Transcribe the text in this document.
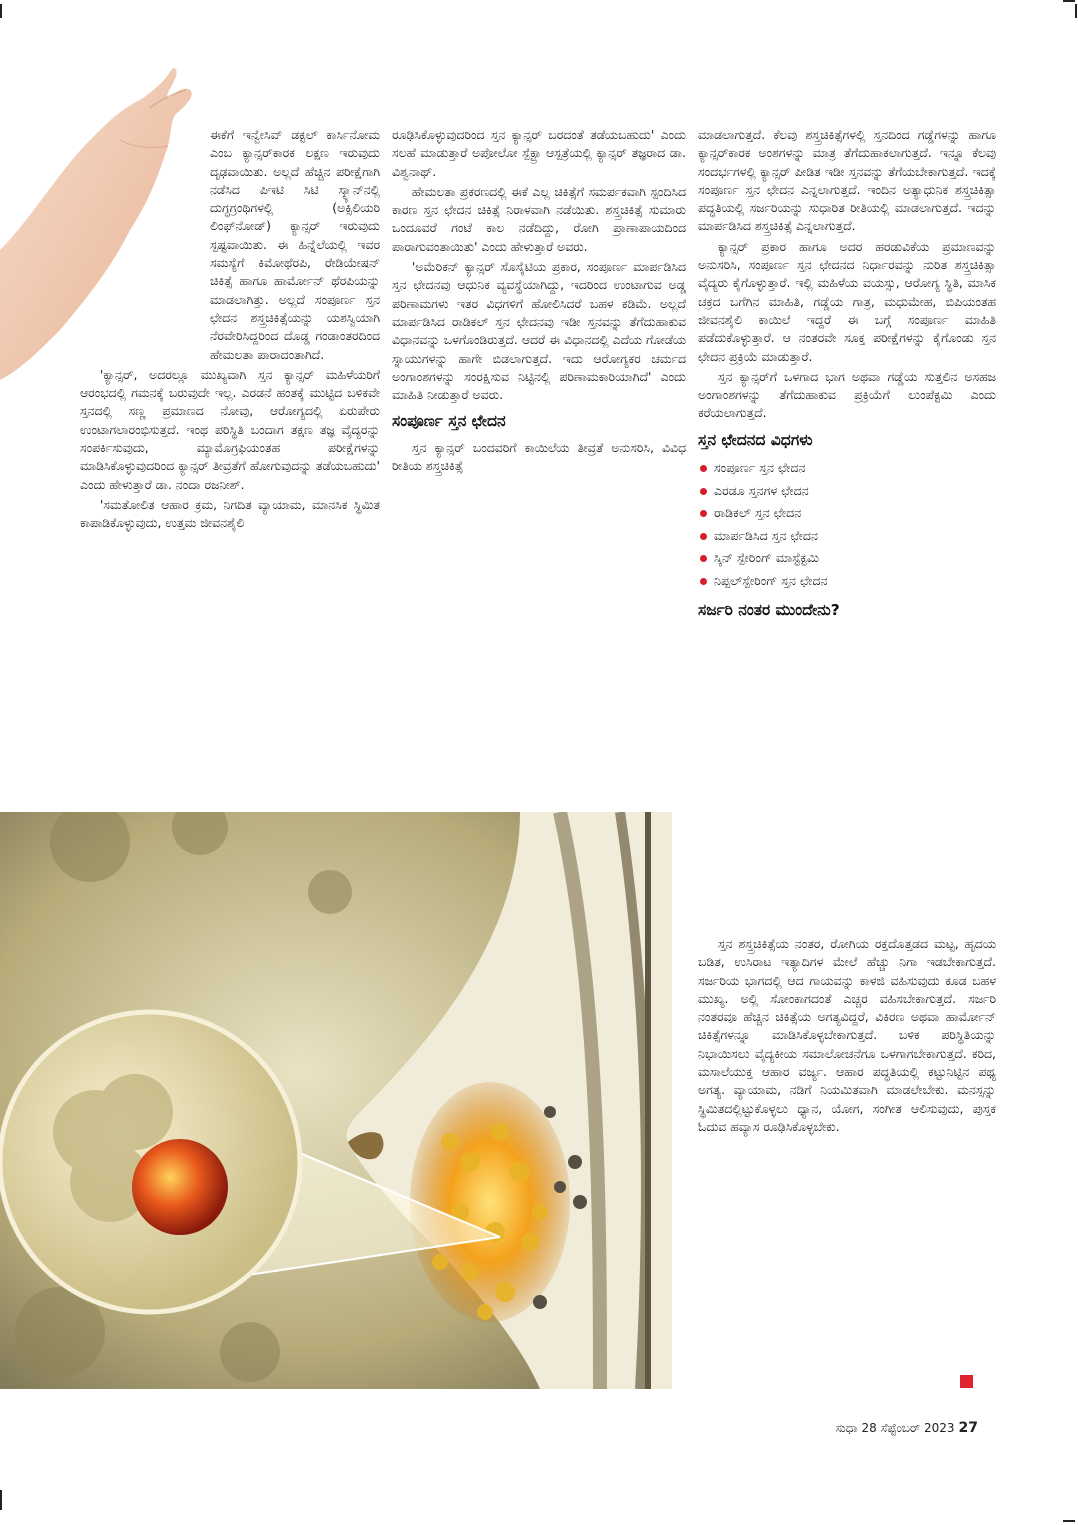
ಈಕೆಗೆ ಇನ್ವೇಸಿವ್ ಡಕ್ಟಲ್ ಕಾರ್ಸಿನೋಮ ಎಂಬ ಕ್ಯಾನ್ಸರ್‌ಕಾರಕ ಲಕ್ಷಣ ಇರುವುದು ದೃಢವಾಯಿತು. ಅಲ್ಲದೆ ಹೆಚ್ಚಿನ ಪರೀಕ್ಷೆಗಾಗಿ ನಡೆಸಿದ ಪಿಇಟಿ ಸಿಟಿ ಸ್ಕ್ಯಾನ್‌ನಲ್ಲಿ ದುಗ್ಧಗ್ರಂಥಿಗಳಲ್ಲಿ (ಅಕ್ಸಿಲಿಯರಿ ಲಿಂಫ್‌ನೋಡ್) ಕ್ಯಾನ್ಸರ್ ಇರುವುದು ಸ್ಪಷ್ಟವಾಯಿತು. ಈ ಹಿನ್ನೆಲೆಯಲ್ಲಿ ಇವರ ಸಮಸ್ಯೆಗೆ ಕಿಮೋಥೆರಪಿ, ರೇಡಿಯೇಷನ್ ಚಿಕಿತ್ಸೆ ಹಾಗೂ ಹಾರ್ಮೋನ್ ಥೆರಪಿಯನ್ನು ಮಾಡಲಾಗಿತ್ತು. ಅಲ್ಲದೆ ಸಂಪೂರ್ಣ ಸ್ತನ ಛೇದನ ಶಸ್ತ್ರಚಿಕಿತ್ಸೆಯನ್ನು ಯಶಸ್ವಿಯಾಗಿ ನೆರವೇರಿಸಿದ್ದರಿಂದ ದೊಡ್ಡ ಗಂಡಾಂತರದಿಂದ ಹೇಮಲತಾ ಪಾರಾದಂತಾಗಿದೆ.

'ಕ್ಯಾನ್ಸರ್, ಅದರಲ್ಲೂ ಮುಖ್ಯವಾಗಿ ಸ್ತನ ಕ್ಯಾನ್ಸರ್ ಮಹಿಳೆಯರಿಗೆ ಆರಂಭದಲ್ಲಿ ಗಮನಕ್ಕೆ ಬರುವುದೇ ಇಲ್ಲ. ಎರಡನೆ ಹಂತಕ್ಕೆ ಮುಟ್ಟಿದ ಬಳಿಕವೇ ಸ್ತನದಲ್ಲಿ ಸಣ್ಣ ಪ್ರಮಾಣದ ನೋವು, ಆರೋಗ್ಯದಲ್ಲಿ ಏರುಪೇರು ಉಂಟಾಗಲಾರಂಭಿಸುತ್ತದೆ. ಇಂಥ ಪರಿಸ್ಥಿತಿ ಬಂದಾಗ ತಕ್ಷಣ ತಜ್ಞ ವೈದ್ಯರನ್ನು ಸಂಪರ್ಕಿಸುವುದು, ಮ್ಯಾಮೊಗ್ರಫಿಯಂತಹ ಪರೀಕ್ಷೆಗಳನ್ನು ಮಾಡಿಸಿಕೊಳ್ಳುವುದರಿಂದ ಕ್ಯಾನ್ಸರ್ ತೀವ್ರತೆಗೆ ಹೋಗುವುದನ್ನು ತಡೆಯಬಹುದು' ಎಂದು ಹೇಳುತ್ತಾರೆ ಡಾ. ನಂದಾ ರಜನೀಶ್.

'ಸಮತೋಲಿತ ಆಹಾರ ಕ್ರಮ, ನಿಗದಿತ ವ್ಯಾಯಾಮ, ಮಾನಸಿಕ ಸ್ಥಿಮಿತ ಕಾಪಾಡಿಕೊಳ್ಳುವುದು, ಉತ್ತಮ ಜೀವನಶೈಲಿ

ರೂಢಿಸಿಕೊಳ್ಳುವುದರಿಂದ ಸ್ತನ ಕ್ಯಾನ್ಸರ್ ಬರದಂತೆ ತಡೆಯಬಹುದು' ಎಂದು ಸಲಹೆ ಮಾಡುತ್ತಾರೆ ಅಪೋಲೋ ಸ್ಪೆಕ್ಟ್ರಾ ಆಸ್ಪತ್ರೆಯಲ್ಲಿ ಕ್ಯಾನ್ಸರ್ ತಜ್ಞರಾದ ಡಾ. ವಿಶ್ವನಾಥ್.

ಹೇಮಲತಾ ಪ್ರಕರಣದಲ್ಲಿ ಈಕೆ ಎಲ್ಲ ಚಿಕಿತ್ಸೆಗೆ ಸಮರ್ಪಕವಾಗಿ ಸ್ಪಂದಿಸಿದ ಕಾರಣ ಸ್ತನ ಛೇದನ ಚಿಕಿತ್ಸೆ ನಿರಾಳವಾಗಿ ನಡೆಯಿತು. ಶಸ್ತ್ರಚಿಕಿತ್ಸೆ ಸುಮಾರು ಒಂದೂವರೆ ಗಂಟೆ ಕಾಲ ನಡೆದಿದ್ದು, ರೋಗಿ ಪ್ರಾಣಾಪಾಯದಿಂದ ಪಾರಾಗುವಂತಾಯಿತು' ಎಂದು ಹೇಳುತ್ತಾರೆ ಅವರು.

'ಅಮೆರಿಕನ್ ಕ್ಯಾನ್ಸರ್ ಸೊಸೈಟಿಯ ಪ್ರಕಾರ, ಸಂಪೂರ್ಣ ಮಾರ್ಪಡಿಸಿದ ಸ್ತನ ಛೇದನವು ಆಧುನಿಕ ವ್ಯವಸ್ಥೆಯಾಗಿದ್ದು, ಇದರಿಂದ ಉಂಟಾಗುವ ಅಡ್ಡ ಪರಿಣಾಮಗಳು ಇತರ ವಿಧಗಳಿಗೆ ಹೋಲಿಸಿದರೆ ಬಹಳ ಕಡಿಮೆ. ಅಲ್ಲದೆ ಮಾರ್ಪಡಿಸಿದ ರಾಡಿಕಲ್ ಸ್ತನ ಛೇದನವು ಇಡೀ ಸ್ತನವನ್ನು ತೆಗೆದುಹಾಕುವ ವಿಧಾನವನ್ನು ಒಳಗೊಂಡಿರುತ್ತದೆ. ಆದರೆ ಈ ವಿಧಾನದಲ್ಲಿ ಎದೆಯ ಗೋಡೆಯ ಸ್ನಾಯುಗಳನ್ನು ಹಾಗೇ ಬಿಡಲಾಗುತ್ತದೆ. ಇದು ಆರೋಗ್ಯಕರ ಚರ್ಮದ ಅಂಗಾಂಶಗಳನ್ನು ಸಂರಕ್ಷಿಸುವ ನಿಟ್ಟಿನಲ್ಲಿ ಪರಿಣಾಮಕಾರಿಯಾಗಿದೆ' ಎಂದು ಮಾಹಿತಿ ನೀಡುತ್ತಾರೆ ಅವರು.

ಸಂಪೂರ್ಣ ಸ್ತನ ಛೇದನ

ಸ್ತನ ಕ್ಯಾನ್ಸರ್ ಬಂದವರಿಗೆ ಕಾಯಿಲೆಯ ತೀವ್ರತೆ ಅನುಸರಿಸಿ, ವಿವಿಧ ರೀತಿಯ ಶಸ್ತ್ರಚಿಕಿತ್ಸೆ

ಮಾಡಲಾಗುತ್ತದೆ. ಕೆಲವು ಶಸ್ತ್ರಚಿಕಿತ್ಸೆಗಳಲ್ಲಿ ಸ್ತನದಿಂದ ಗಡ್ಡೆಗಳನ್ನು ಹಾಗೂ ಕ್ಯಾನ್ಸರ್‌ಕಾರಕ ಅಂಶಗಳನ್ನು ಮಾತ್ರ ತೆಗೆದುಹಾಕಲಾಗುತ್ತದೆ. ಇನ್ನೂ ಕೆಲವು ಸಂದರ್ಭಗಳಲ್ಲಿ ಕ್ಯಾನ್ಸರ್ ಪೀಡಿತ ಇಡೀ ಸ್ತನವನ್ನು ತೆಗೆಯಬೇಕಾಗುತ್ತದೆ. ಇದಕ್ಕೆ ಸಂಪೂರ್ಣ ಸ್ತನ ಛೇದನ ಎನ್ನಲಾಗುತ್ತದೆ. ಇಂದಿನ ಅತ್ಯಾಧುನಿಕ ಶಸ್ತ್ರಚಿಕಿತ್ಸಾ ಪದ್ಧತಿಯಲ್ಲಿ ಸರ್ಜರಿಯನ್ನು ಸುಧಾರಿತ ರೀತಿಯಲ್ಲಿ ಮಾಡಲಾಗುತ್ತದೆ. ಇದನ್ನು ಮಾರ್ಪಡಿಸಿದ ಶಸ್ತ್ರಚಿಕಿತ್ಸೆ ಎನ್ನಲಾಗುತ್ತದೆ.

ಕ್ಯಾನ್ಸರ್ ಪ್ರಕಾರ ಹಾಗೂ ಅದರ ಹರಡುವಿಕೆಯ ಪ್ರಮಾಣವನ್ನು ಅನುಸರಿಸಿ, ಸಂಪೂರ್ಣ ಸ್ತನ ಛೇದನದ ನಿರ್ಧಾರವನ್ನು ನುರಿತ ಶಸ್ತ್ರಚಿಕಿತ್ಸಾ ವೈದ್ಯರು ಕೈಗೊಳ್ಳುತ್ತಾರೆ. ಇಲ್ಲಿ ಮಹಿಳೆಯ ವಯಸ್ಸು, ಆರೋಗ್ಯ ಸ್ಥಿತಿ, ಮಾಸಿಕ ಚಕ್ರದ ಬಗೆಗಿನ ಮಾಹಿತಿ, ಗಡ್ಡೆಯ ಗಾತ್ರ, ಮಧುಮೇಹ, ಬಿಪಿಯಂತಹ ಜೀವನಶೈಲಿ ಕಾಯಿಲೆ ಇದ್ದರೆ ಈ ಬಗ್ಗೆ ಸಂಪೂರ್ಣ ಮಾಹಿತಿ ಪಡೆದುಕೊಳ್ಳುತ್ತಾರೆ. ಆ ನಂತರವೇ ಸೂಕ್ತ ಪರೀಕ್ಷೆಗಳನ್ನು ಕೈಗೊಂಡು ಸ್ತನ ಛೇದನ ಪ್ರಕ್ರಿಯೆ ಮಾಡುತ್ತಾರೆ.

ಸ್ತನ ಕ್ಯಾನ್ಸರ್‌ಗೆ ಒಳಗಾದ ಭಾಗ ಅಥವಾ ಗಡ್ಡೆಯ ಸುತ್ತಲಿನ ಅಸಹಜ ಅಂಗಾಂಶಗಳನ್ನು ತೆಗೆದುಹಾಕುವ ಪ್ರಕ್ರಿಯೆಗೆ ಲುಂಪೆಕ್ಟಮಿ ಎಂದು ಕರೆಯಲಾಗುತ್ತದೆ.

ಸ್ತನ ಛೇದನದ ವಿಧಗಳು
ಸಂಪೂರ್ಣ ಸ್ತನ ಛೇದನ
ಎರಡೂ ಸ್ತನಗಳ ಛೇದನ
ರಾಡಿಕಲ್ ಸ್ತನ ಛೇದನ
ಮಾರ್ಪಡಿಸಿದ ಸ್ತನ ಛೇದನ
ಸ್ಕಿನ್ ಸ್ಪೇರಿಂಗ್ ಮಾಸ್ಟೆಕ್ಟಮಿ
ನಿಪ್ಪಲ್‌ಸ್ಪೇರಿಂಗ್ ಸ್ತನ ಛೇದನ
ಸರ್ಜರಿ ನಂತರ ಮುಂದೇನು?

ಸ್ತನ ಶಸ್ತ್ರಚಿಕಿತ್ಸೆಯ ನಂತರ, ರೋಗಿಯ ರಕ್ತದೊತ್ತಡದ ಮಟ್ಟ, ಹೃದಯ ಬಡಿತ, ಉಸಿರಾಟ ಇತ್ಯಾದಿಗಳ ಮೇಲೆ ಹೆಚ್ಚು ನಿಗಾ ಇಡಬೇಕಾಗುತ್ತದೆ. ಸರ್ಜರಿಯ ಭಾಗದಲ್ಲಿ ಆದ ಗಾಯವನ್ನು ಕಾಳಜಿ ವಹಿಸುವುದು ಕೂಡ ಬಹಳ ಮುಖ್ಯ. ಅಲ್ಲಿ ಸೋಂಕಾಗದಂತೆ ಎಚ್ಚರ ವಹಿಸಬೇಕಾಗುತ್ತದೆ. ಸರ್ಜರಿ ನಂತರವೂ ಹೆಚ್ಚಿನ ಚಿಕಿತ್ಸೆಯ ಅಗತ್ಯವಿದ್ದರೆ, ವಿಕಿರಣ ಅಥವಾ ಹಾರ್ಮೋನ್ ಚಿಕಿತ್ಸೆಗಳನ್ನೂ ಮಾಡಿಸಿಕೊಳ್ಳಬೇಕಾಗುತ್ತದೆ. ಬಳಿಕ ಪರಿಸ್ಥಿತಿಯನ್ನು ನಿಭಾಯಿಸಲು ವೈದ್ಯಕೀಯ ಸಮಾಲೋಚನೆಗೂ ಒಳಗಾಗಬೇಕಾಗುತ್ತದೆ. ಕರಿದ, ಮಸಾಲೆಯುಕ್ತ ಆಹಾರ ವರ್ಜ್ಯ. ಆಹಾರ ಪದ್ಧತಿಯಲ್ಲಿ ಕಟ್ಟುನಿಟ್ಟಿನ ಪಥ್ಯ ಅಗತ್ಯ. ವ್ಯಾಯಾಮ, ನಡಿಗೆ ನಿಯಮಿತವಾಗಿ ಮಾಡಲೇಬೇಕು. ಮನಸ್ಸನ್ನು ಸ್ಥಿಮಿತದಲ್ಲಿಟ್ಟುಕೊಳ್ಳಲು ಧ್ಯಾನ, ಯೋಗ, ಸಂಗೀತ ಆಲಿಸುವುದು, ಪುಸ್ತಕ ಓದುವ ಹವ್ಯಾಸ ರೂಢಿಸಿಕೊಳ್ಳಬೇಕು.

ಸುಧಾ 28 ಸೆಪ್ಟೆಂಬರ್ 2023 27
